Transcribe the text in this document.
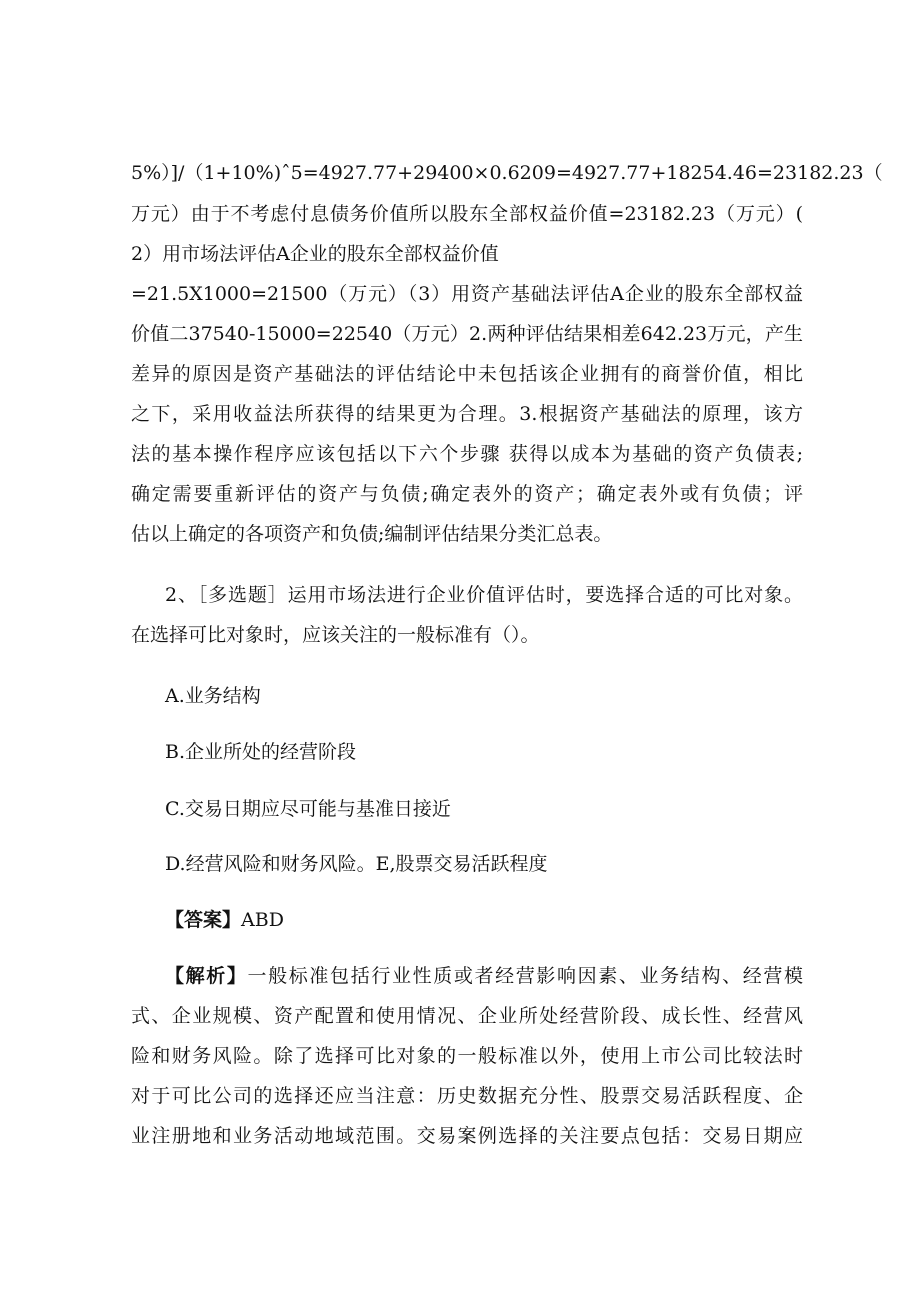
5%）]/（1+10%)ˆ5=4927.77+29400×0.6209=4927.77+18254.46=23182.23（
万元）由于不考虑付息债务价值所以股东全部权益价值=23182.23（万元）(
2）用市场法评估A企业的股东全部权益价值
=21.5X1000=21500（万元）（3）用资产基础法评估A企业的股东全部权益
价值二37540-15000=22540（万元）2.两种评估结果相差642.23万元，产生
差异的原因是资产基础法的评估结论中未包括该企业拥有的商誉价值，相比
之下，采用收益法所获得的结果更为合理。3.根据资产基础法的原理，该方
法的基本操作程序应该包括以下六个步骤 获得以成本为基础的资产负债表;
确定需要重新评估的资产与负债;确定表外的资产；确定表外或有负债；评
估以上确定的各项资产和负债;编制评估结果分类汇总表。
2、［多选题］运用市场法进行企业价值评估时，要选择合适的可比对象。
在选择可比对象时，应该关注的一般标准有（）。
A.业务结构
B.企业所处的经营阶段
C.交易日期应尽可能与基准日接近
D.经营风险和财务风险。E,股票交易活跃程度
【答案】ABD
【解析】一般标准包括行业性质或者经营影响因素、业务结构、经营模
式、企业规模、资产配置和使用情况、企业所处经营阶段、成长性、经营风
险和财务风险。除了选择可比对象的一般标准以外，使用上市公司比较法时
对于可比公司的选择还应当注意：历史数据充分性、股票交易活跃程度、企
业注册地和业务活动地域范围。交易案例选择的关注要点包括：交易日期应
